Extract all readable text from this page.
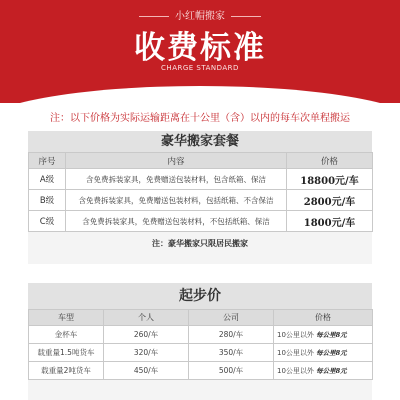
小红帽搬家
收费标准
CHARGE STANDARD
注：以下价格为实际运输距离在十公里（含）以内的每车次单程搬运
豪华搬家套餐
序号	内容	价格
A级	含免费拆装家具，免费赠送包装材料，包含纸箱、保洁	18800元/车
B级	含免费拆装家具，免费赠送包装材料，包括纸箱、不含保洁	2800元/车
C级	含免费拆装家具，免费赠送包装材料，不包括纸箱、保洁	1800元/车
注：豪华搬家只限居民搬家
起步价
车型	个人	公司	价格
金杯车	260/车	280/车	10公里以外 每公里8元
载重量1.5吨货车	320/车	350/车	10公里以外 每公里8元
载重量2吨货车	450/车	500/车	10公里以外 每公里8元
